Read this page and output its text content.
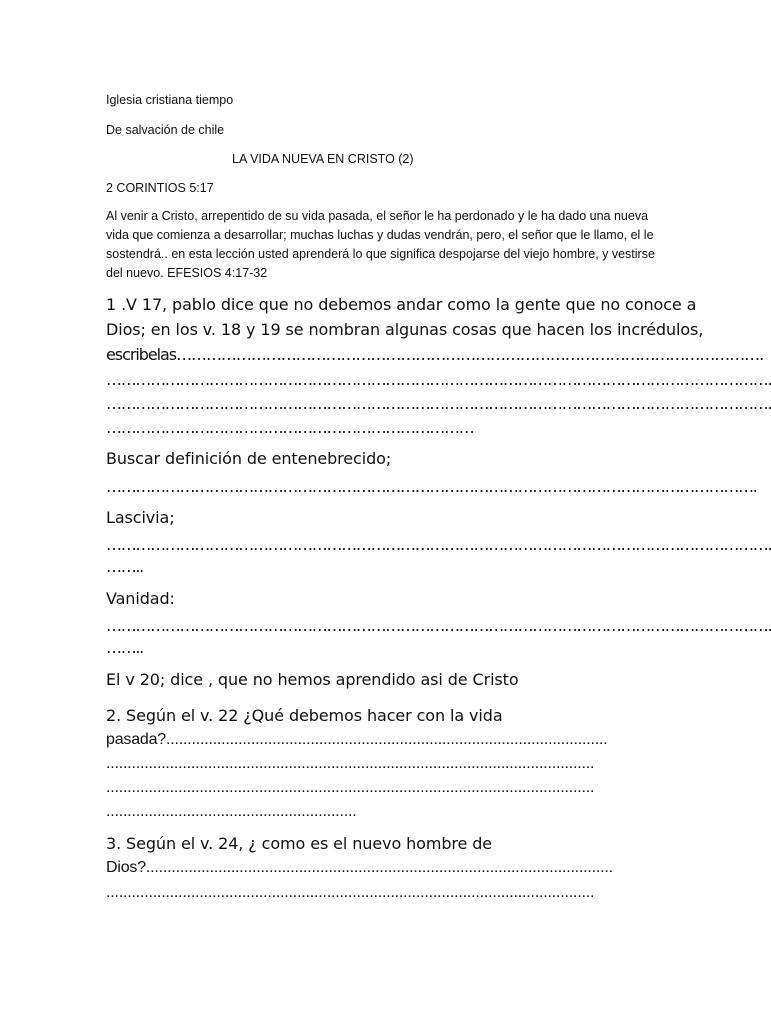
Iglesia cristiana tiempo

De salvación de chile

LA VIDA NUEVA EN CRISTO (2)

2 CORINTIOS 5:17

Al venir a Cristo, arrepentido de su vida pasada, el señor le ha perdonado y le ha dado una nueva

vida que comienza a desarrollar; muchas luchas y dudas vendrán, pero, el señor que le llamo, el le

sostendrá.. en esta lección usted aprenderá lo que significa despojarse del viejo hombre, y vestirse

del nuevo. EFESIOS 4:17-32

1 .V 17, pablo dice que no debemos andar como la gente que no conoce a

Dios; en los v. 18 y 19 se nombran algunas cosas que hacen los incrédulos,

escribelas……………………………………………………………………………………………………….

……………………………………………………………………………………………………………………….

……………………………………………………………………………………………………………………….

…………………………………………………………………

Buscar definición de entenebrecido;

…………………………………………………………………………………………………………………….

Lascivia;

……………………………………………………………………………………………………………………….

……..

Vanidad:

……………………………………………………………………………………………………………………….

……..

El v 20; dice , que no hemos aprendido asi de Cristo

2. Según el v. 22 ¿Qué debemos hacer con la vida

pasada?........................................................................................................

...................................................................................................................

...................................................................................................................

...........................................................

3. Según el v. 24, ¿ como es el nuevo hombre de

Dios?..............................................................................................................

...................................................................................................................
